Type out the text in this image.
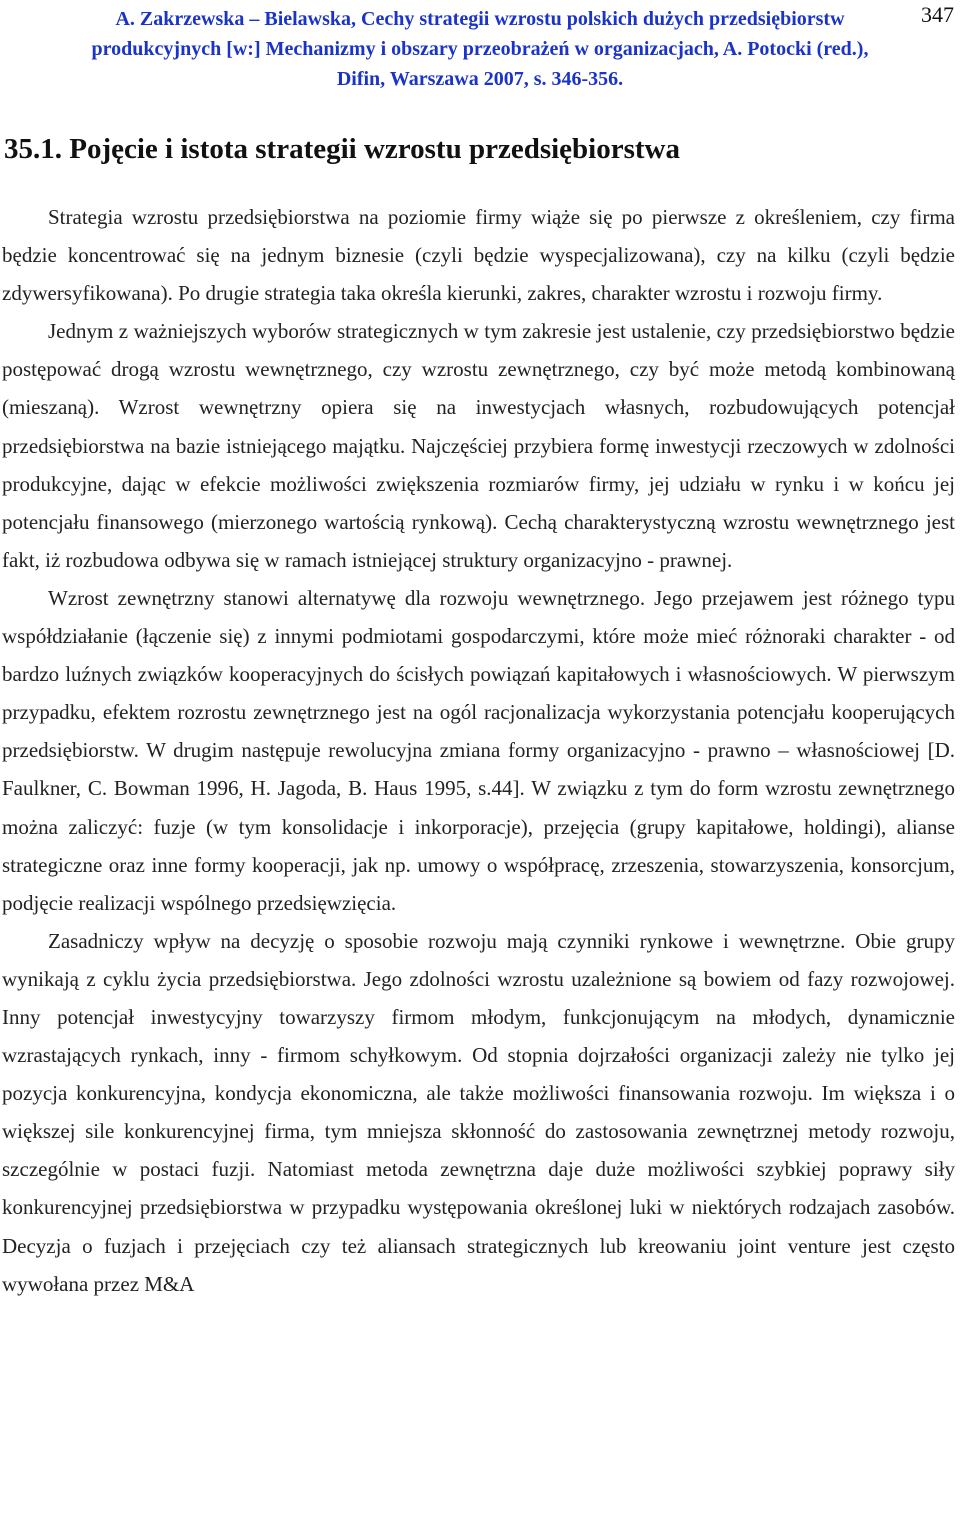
347
A. Zakrzewska – Bielawska, Cechy strategii wzrostu polskich dużych przedsiębiorstw
produkcyjnych [w:] Mechanizmy i obszary przeobrażeń w organizacjach, A. Potocki (red.),
Difin, Warszawa 2007, s. 346-356.
35.1. Pojęcie i istota strategii wzrostu przedsiębiorstwa

Strategia wzrostu przedsiębiorstwa na poziomie firmy wiąże się po pierwsze z określeniem, czy firma będzie koncentrować się na jednym biznesie (czyli będzie wyspecjalizowana), czy na kilku (czyli będzie zdywersyfikowana). Po drugie strategia taka określa kierunki, zakres, charakter wzrostu i rozwoju firmy.

Jednym z ważniejszych wyborów strategicznych w tym zakresie jest ustalenie, czy przedsiębiorstwo będzie postępować drogą wzrostu wewnętrznego, czy wzrostu zewnętrznego, czy być może metodą kombinowaną (mieszaną). Wzrost wewnętrzny opiera się na inwestycjach własnych, rozbudowujących potencjał przedsiębiorstwa na bazie istniejącego majątku. Najczęściej przybiera formę inwestycji rzeczowych w zdolności produkcyjne, dając w efekcie możliwości zwiększenia rozmiarów firmy, jej udziału w rynku i w końcu jej potencjału finansowego (mierzonego wartością rynkową). Cechą charakterystyczną wzrostu wewnętrznego jest fakt, iż rozbudowa odbywa się w ramach istniejącej struktury organizacyjno - prawnej.

Wzrost zewnętrzny stanowi alternatywę dla rozwoju wewnętrznego. Jego przejawem jest różnego typu współdziałanie (łączenie się) z innymi podmiotami gospodarczymi, które może mieć różnoraki charakter - od bardzo luźnych związków kooperacyjnych do ścisłych powiązań kapitałowych i własnościowych. W pierwszym przypadku, efektem rozrostu zewnętrznego jest na ogól racjonalizacja wykorzystania potencjału kooperujących przedsiębiorstw. W drugim następuje rewolucyjna zmiana formy organizacyjno - prawno – własnościowej [D. Faulkner, C. Bowman 1996, H. Jagoda, B. Haus 1995, s.44]. W związku z tym do form wzrostu zewnętrznego można zaliczyć: fuzje (w tym konsolidacje i inkorporacje), przejęcia (grupy kapitałowe, holdingi), alianse strategiczne oraz inne formy kooperacji, jak np. umowy o współpracę, zrzeszenia, stowarzyszenia, konsorcjum, podjęcie realizacji wspólnego przedsięwzięcia.

Zasadniczy wpływ na decyzję o sposobie rozwoju mają czynniki rynkowe i wewnętrzne. Obie grupy wynikają z cyklu życia przedsiębiorstwa. Jego zdolności wzrostu uzależnione są bowiem od fazy rozwojowej. Inny potencjał inwestycyjny towarzyszy firmom młodym, funkcjonującym na młodych, dynamicznie wzrastających rynkach, inny - firmom schyłkowym. Od stopnia dojrzałości organizacji zależy nie tylko jej pozycja konkurencyjna, kondycja ekonomiczna, ale także możliwości finansowania rozwoju. Im większa i o większej sile konkurencyjnej firma, tym mniejsza skłonność do zastosowania zewnętrznej metody rozwoju, szczególnie w postaci fuzji. Natomiast metoda zewnętrzna daje duże możliwości szybkiej poprawy siły konkurencyjnej przedsiębiorstwa w przypadku występowania określonej luki w niektórych rodzajach zasobów. Decyzja o fuzjach i przejęciach czy też aliansach strategicznych lub kreowaniu joint venture jest często wywołana przez M&A
